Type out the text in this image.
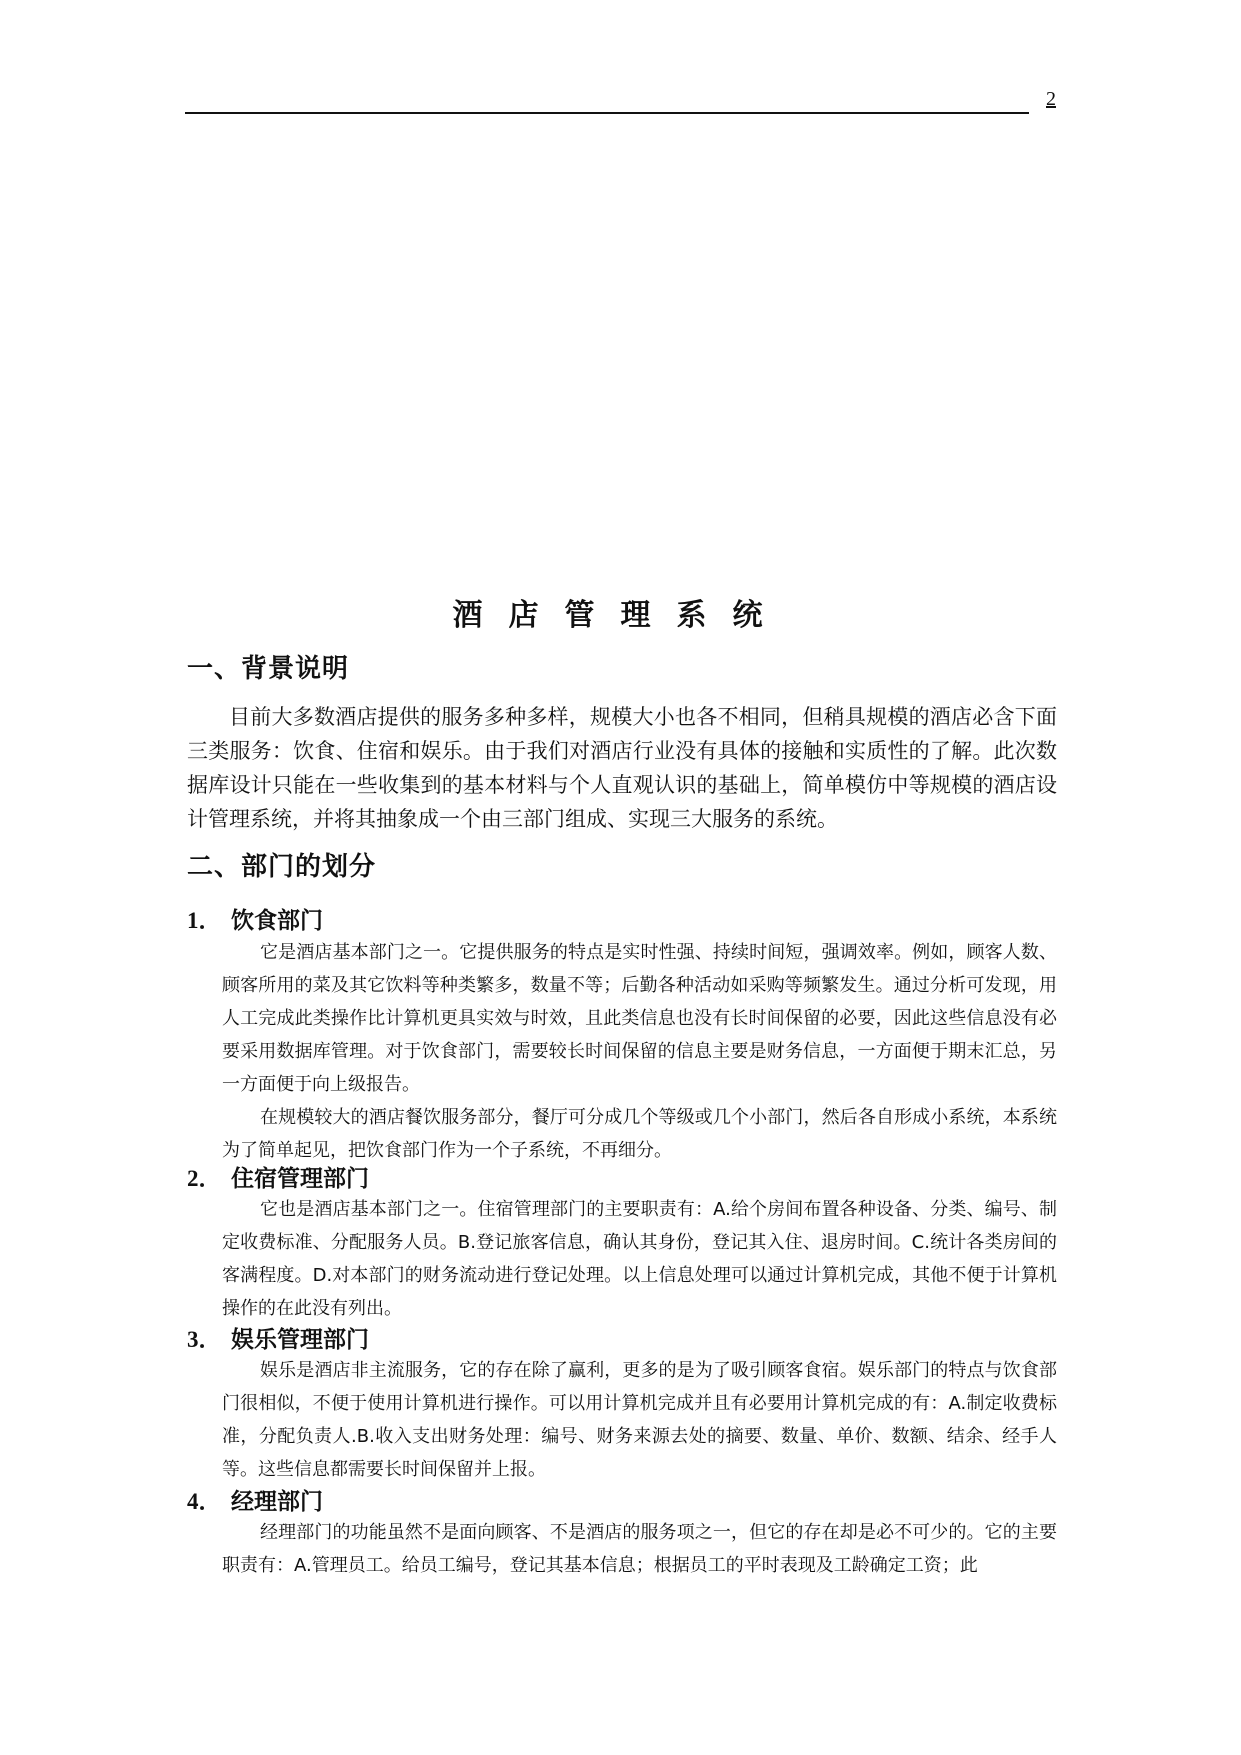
2
酒店管理系统
一、背景说明
目前大多数酒店提供的服务多种多样，规模大小也各不相同，但稍具规模的酒店必含下面三类服务：饮食、住宿和娱乐。由于我们对酒店行业没有具体的接触和实质性的了解。此次数据库设计只能在一些收集到的基本材料与个人直观认识的基础上，简单模仿中等规模的酒店设计管理系统，并将其抽象成一个由三部门组成、实现三大服务的系统。
二、部门的划分
1． 饮食部门
它是酒店基本部门之一。它提供服务的特点是实时性强、持续时间短，强调效率。例如，顾客人数、顾客所用的菜及其它饮料等种类繁多，数量不等；后勤各种活动如采购等频繁发生。通过分析可发现，用人工完成此类操作比计算机更具实效与时效，且此类信息也没有长时间保留的必要，因此这些信息没有必要采用数据库管理。对于饮食部门，需要较长时间保留的信息主要是财务信息，一方面便于期末汇总，另一方面便于向上级报告。
在规模较大的酒店餐饮服务部分，餐厅可分成几个等级或几个小部门，然后各自形成小系统，本系统为了简单起见，把饮食部门作为一个子系统，不再细分。
2． 住宿管理部门
它也是酒店基本部门之一。住宿管理部门的主要职责有：A.给个房间布置各种设备、分类、编号、制定收费标准、分配服务人员。B.登记旅客信息，确认其身份，登记其入住、退房时间。C.统计各类房间的客满程度。D.对本部门的财务流动进行登记处理。以上信息处理可以通过计算机完成，其他不便于计算机操作的在此没有列出。
3． 娱乐管理部门
娱乐是酒店非主流服务，它的存在除了赢利，更多的是为了吸引顾客食宿。娱乐部门的特点与饮食部门很相似，不便于使用计算机进行操作。可以用计算机完成并且有必要用计算机完成的有：A.制定收费标准，分配负责人.B.收入支出财务处理：编号、财务来源去处的摘要、数量、单价、数额、结余、经手人等。这些信息都需要长时间保留并上报。
4． 经理部门
经理部门的功能虽然不是面向顾客、不是酒店的服务项之一，但它的存在却是必不可少的。它的主要职责有：A.管理员工。给员工编号，登记其基本信息；根据员工的平时表现及工龄确定工资；此
